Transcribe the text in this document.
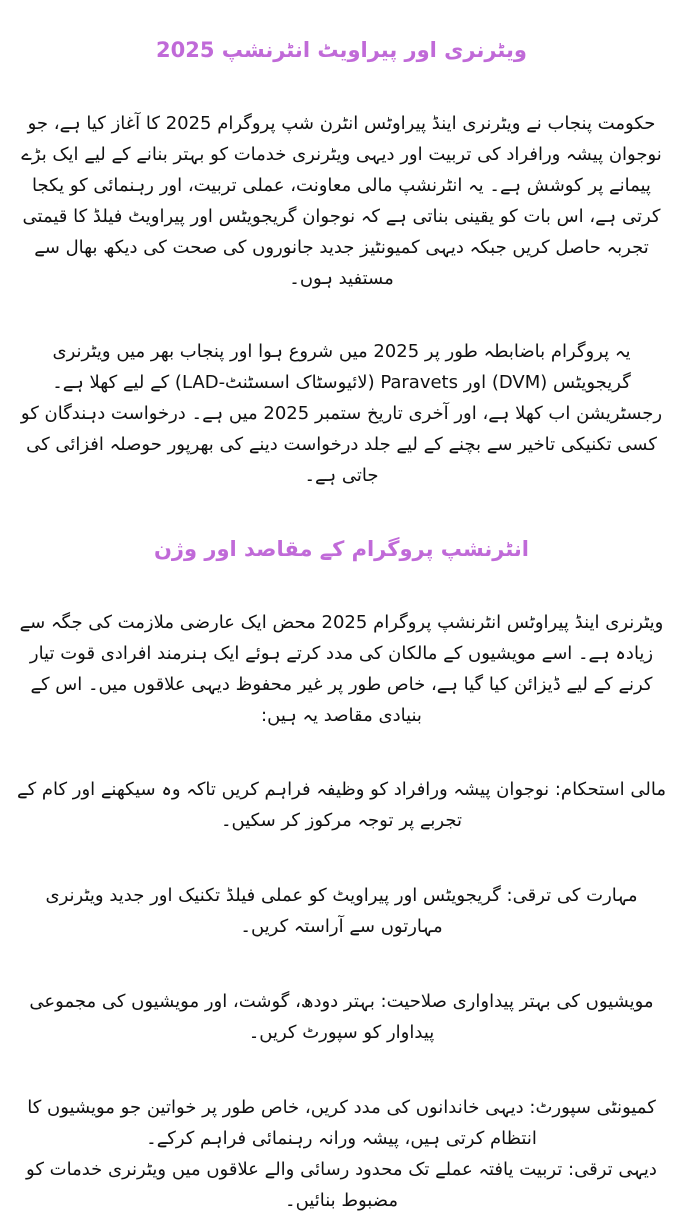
ویٹرنری اور پیراویٹ انٹرنشپ 2025

حکومت پنجاب نے ویٹرنری اینڈ پیراوٹس انٹرن شپ پروگرام 2025 کا آغاز کیا ہے، جو نوجوان پیشہ ورافراد کی تربیت اور دیہی ویٹرنری خدمات کو بہتر بنانے کے لیے ایک بڑے پیمانے پر کوشش ہے۔ یہ انٹرنشپ مالی معاونت، عملی تربیت، اور رہنمائی کو یکجا کرتی ہے، اس بات کو یقینی بناتی ہے کہ نوجوان گریجویٹس اور پیراویٹ فیلڈ کا قیمتی تجربہ حاصل کریں جبکہ دیہی کمیونٹیز جدید جانوروں کی صحت کی دیکھ بھال سے مستفید ہوں۔

یہ پروگرام باضابطہ طور پر 2025 میں شروع ہوا اور پنجاب بھر میں ویٹرنری گریجویٹس (DVM) اور Paravets (لائیوسٹاک اسسٹنٹ-LAD) کے لیے کھلا ہے۔ رجسٹریشن اب کھلا ہے، اور آخری تاریخ ستمبر 2025 میں ہے۔ درخواست دہندگان کو کسی تکنیکی تاخیر سے بچنے کے لیے جلد درخواست دینے کی بھرپور حوصلہ افزائی کی جاتی ہے۔

انٹرنشپ پروگرام کے مقاصد اور وژن

ویٹرنری اینڈ پیراوٹس انٹرنشپ پروگرام 2025 محض ایک عارضی ملازمت کی جگہ سے زیادہ ہے۔ اسے مویشیوں کے مالکان کی مدد کرتے ہوئے ایک ہنرمند افرادی قوت تیار کرنے کے لیے ڈیزائن کیا گیا ہے، خاص طور پر غیر محفوظ دیہی علاقوں میں۔ اس کے بنیادی مقاصد یہ ہیں:

مالی استحکام: نوجوان پیشہ ورافراد کو وظیفہ فراہم کریں تاکہ وہ سیکھنے اور کام کے تجربے پر توجہ مرکوز کر سکیں۔

مہارت کی ترقی: گریجویٹس اور پیراویٹ کو عملی فیلڈ تکنیک اور جدید ویٹرنری مہارتوں سے آراستہ کریں۔

مویشیوں کی بہتر پیداواری صلاحیت: بہتر دودھ، گوشت، اور مویشیوں کی مجموعی پیداوار کو سپورٹ کریں۔

کمیونٹی سپورٹ: دیہی خاندانوں کی مدد کریں، خاص طور پر خواتین جو مویشیوں کا انتظام کرتی ہیں، پیشہ ورانہ رہنمائی فراہم کرکے۔

دیہی ترقی: تربیت یافتہ عملے تک محدود رسائی والے علاقوں میں ویٹرنری خدمات کو مضبوط بنائیں۔
